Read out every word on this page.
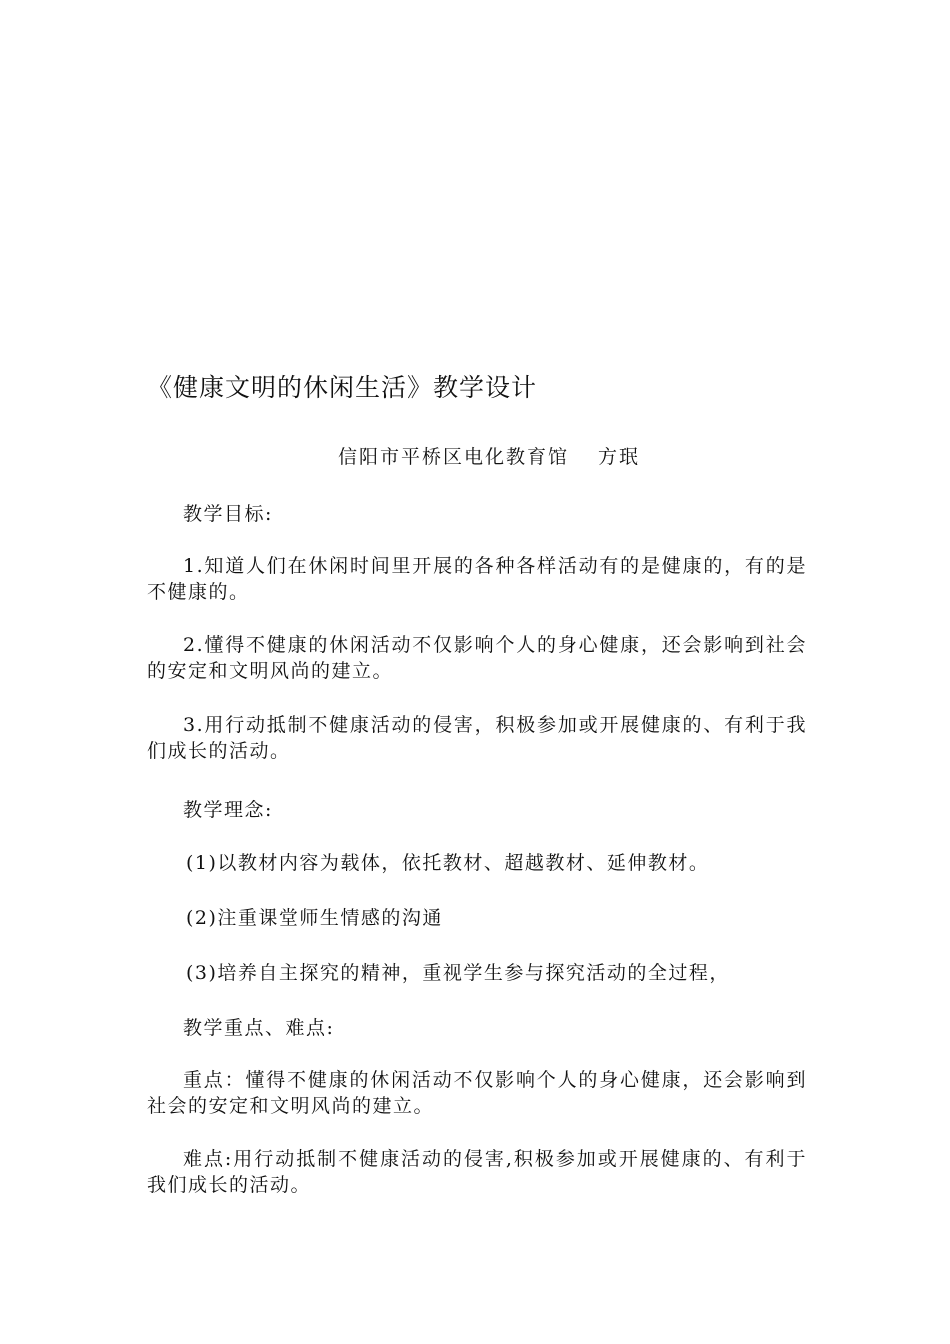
《健康文明的休闲生活》教学设计
信阳市平桥区电化教育馆　 方珉
教学目标:
1.知道人们在休闲时间里开展的各种各样活动有的是健康的，有的是不健康的。
2.懂得不健康的休闲活动不仅影响个人的身心健康，还会影响到社会的安定和文明风尚的建立。
3.用行动抵制不健康活动的侵害，积极参加或开展健康的、有利于我们成长的活动。
教学理念:
(1)以教材内容为载体，依托教材、超越教材、延伸教材。
(2)注重课堂师生情感的沟通
(3)培养自主探究的精神，重视学生参与探究活动的全过程，
教学重点、难点:
重点：懂得不健康的休闲活动不仅影响个人的身心健康，还会影响到社会的安定和文明风尚的建立。
难点:用行动抵制不健康活动的侵害,积极参加或开展健康的、有利于我们成长的活动。
